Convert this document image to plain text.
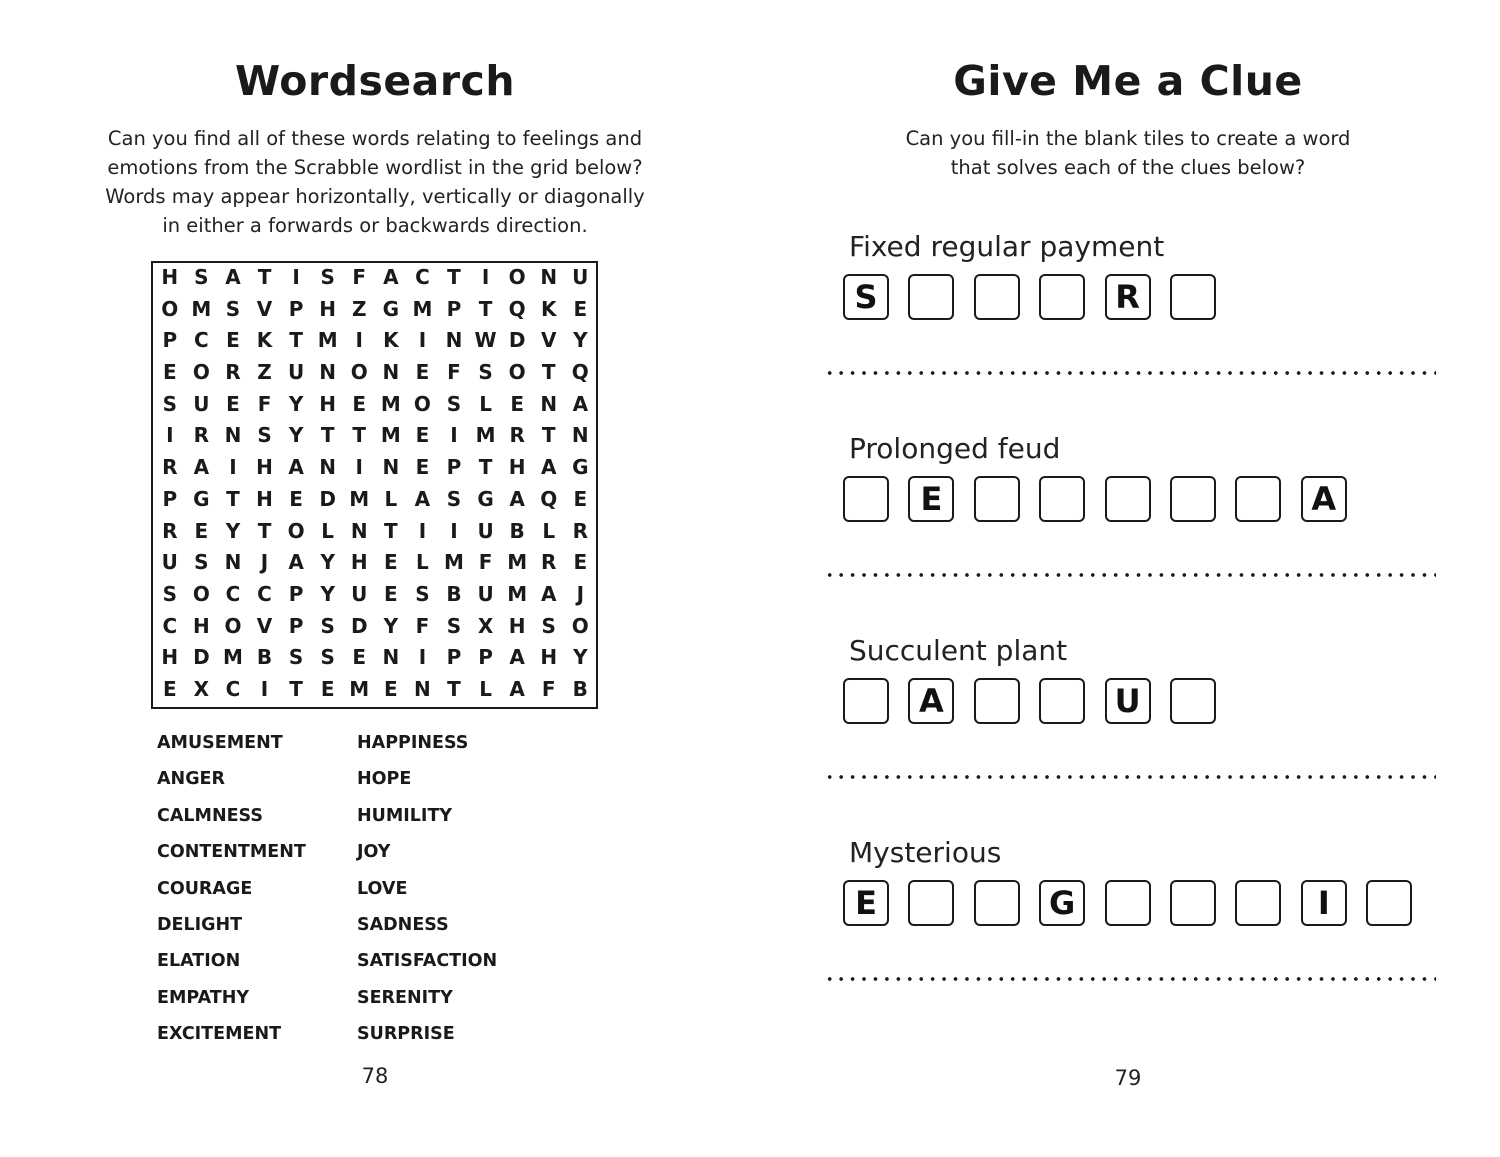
Wordsearch
Can you find all of these words relating to feelings and
emotions from the Scrabble wordlist in the grid below?
Words may appear horizontally, vertically or diagonally
in either a forwards or backwards direction.
H S A T	I	S F A C T	I O N U
O M S V P H Z G M P T Q K E
P C E K T M I	K	I N W D V Y
E O R Z U N O N E F S O T Q
S U E F Y H E M O S L E N A
I	R N S Y T T M E	I M R T N
R A	I H A N I N E P T H A G
P G T H E D M L A S G A Q E
R E Y T O L N T	I	I U B L R
U S N J	A Y H E L M F M R E
S O C C P Y U E S B U M A	J
C H O V P S D Y F S X H S O
H D M B S S E N I	P P A H Y
E X C	I	T E M E N T L A F B
AMUSEMENT
ANGER
CALMNESS
CONTENTMENT
COURAGE
DELIGHT
ELATION
EMPATHY
EXCITEMENT
HAPPINESS
HOPE
HUMILITY
JOY
LOVE
SADNESS
SATISFACTION
SERENITY
SURPRISE
78
Give Me a Clue
Can you fill-in the blank tiles to create a word
that solves each of the clues below?
Fixed regular payment
S	R
Prolonged feud
E	A
Succulent plant
A	U
Mysterious
E	G	I
79
